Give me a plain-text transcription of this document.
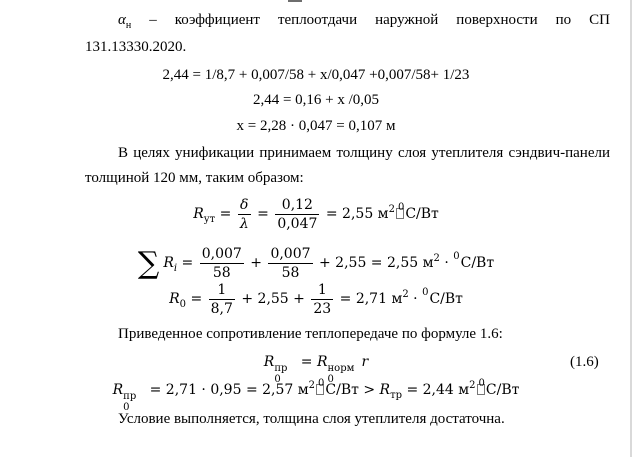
$\alpha_н$ – коэффициент теплоотдачи наружной поверхности по СП
131.13330.2020.
2,44 = 1/8,7 + 0,007/58 + x/0,047 +0,007/58+ 1/23
2,44 = 0,16 + x /0,05
x = 2,28 · 0,047 = 0,107 м
В целях унификации принимаем толщину слоя утеплителя сэндвич-панели
толщиной 120 мм, таким образом:
$R_{ут} = \frac{\delta}{\lambda} = \frac{0,12}{0,047} = 2,55$ $м^2$ $^0$С/Вт
∑ $R_i = \frac{0,007}{58} + \frac{0,007}{58} + 2,55 = 2,55$ $м^2 \cdot ^0С/Вт$
$R_0 = \frac{1}{8,7} + 2,55 + \frac{1}{23} = 2,71$ $м^2 \cdot ^0С/Вт$
Приведенное сопротивление теплопередаче по формуле 1.6:
R пр
0
= R норм
0
r	(1.6)
R пр
0
= 2,71 · 0,95 = 2,57 $м^2$ $^0С/Вт > R_{тр} = 2,44$ $м^2$ $^0$С/Вт
Условие выполняется, толщина слоя утеплителя достаточна.
